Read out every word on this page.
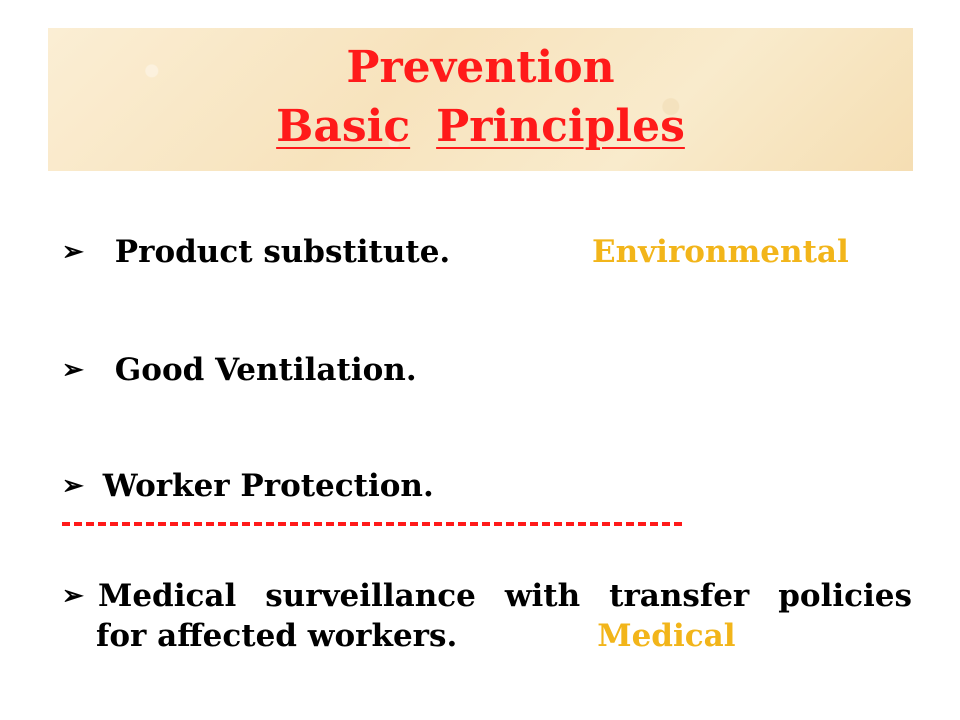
Prevention
Basic Principles
➢ Product substitute.	Environmental
➢ Good Ventilation.
➢ Worker Protection.
➢ Medical surveillance with transfer policies
for affected workers.	Medical
